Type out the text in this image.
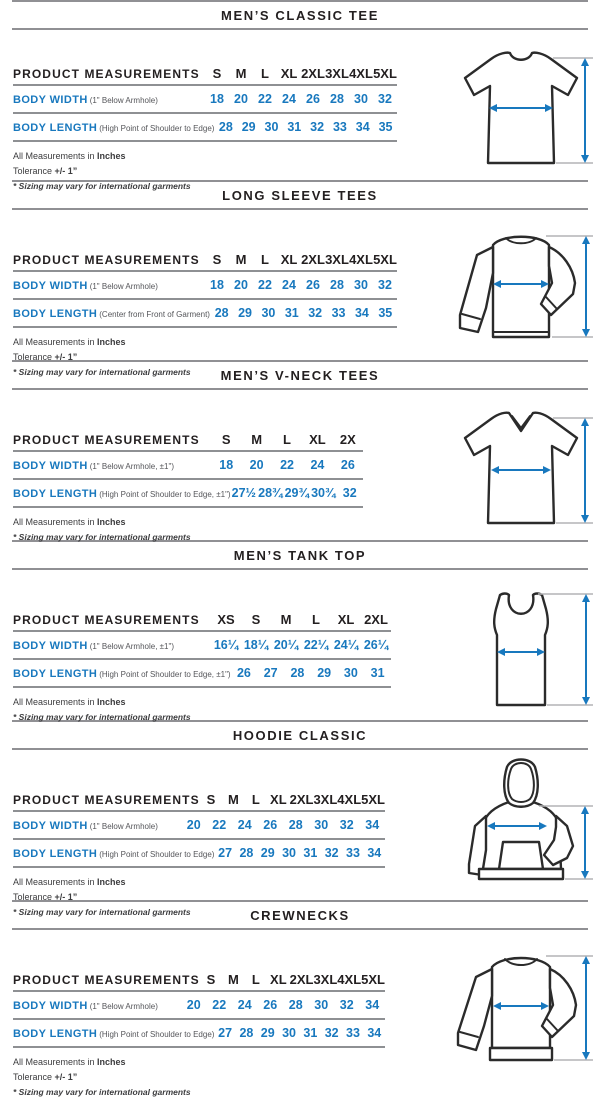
MEN’S CLASSIC TEE
PRODUCT MEASUREMENTS S	M	L XL 2XL 3XL 4XL 5XL
BODY WIDTH (1" Below Armhole)	18 20 22 24 26 28 30 32
BODY LENGTH (High Point of Shoulder to Edge) 28 29 30 31 32 33 34 35
All Measurements in Inches
Tolerance +/- 1”
* Sizing may vary for international garments
LONG SLEEVE TEES
PRODUCT MEASUREMENTS S	M	L XL 2XL 3XL 4XL 5XL
BODY WIDTH (1" Below Armhole)	18 20 22 24 26 28 30 32
BODY LENGTH (Center from Front of Garment) 28 29 30 31 32 33 34 35
All Measurements in Inches
Tolerance +/- 1”
* Sizing may vary for international garments	MEN’S V-NECK TEES
PRODUCT MEASUREMENTS	S	M	L	XL	2X
BODY WIDTH (1" Below Armhole, ±1")	18	20	22	24	26
BODY LENGTH (High Point of Shoulder to Edge, ±1") 27½ 28¾ 29¾ 30¾ 32
All Measurements in Inches
* Sizing may vary for international garments
MEN’S TANK TOP
PRODUCT MEASUREMENTS	XS	S	M	L	XL 2XL
BODY WIDTH (1" Below Armhole, ±1")	16¼ 18¼ 20¼ 22¼ 24¼ 26¼
BODY LENGTH (High Point of Shoulder to Edge, ±1") 26	27	28	29	30	31
All Measurements in Inches
* Sizing may vary for international garments
HOODIE CLASSIC
PRODUCT MEASUREMENTS S M	L XL 2XL 3XL 4XL 5XL
BODY WIDTH (1" Below Armhole)	20 22 24 26 28 30 32 34
BODY LENGTH (High Point of Shoulder to Edge) 27 28 29 30 31 32 33 34
All Measurements in Inches
Tolerance +/- 1”
* Sizing may vary for international garments	CREWNECKS
PRODUCT MEASUREMENTS S M	L XL 2XL 3XL 4XL 5XL
BODY WIDTH (1" Below Armhole)	20 22 24 26 28 30 32 34
BODY LENGTH (High Point of Shoulder to Edge) 27 28 29 30 31 32 33 34
All Measurements in Inches
Tolerance +/- 1”
* Sizing may vary for international garments
